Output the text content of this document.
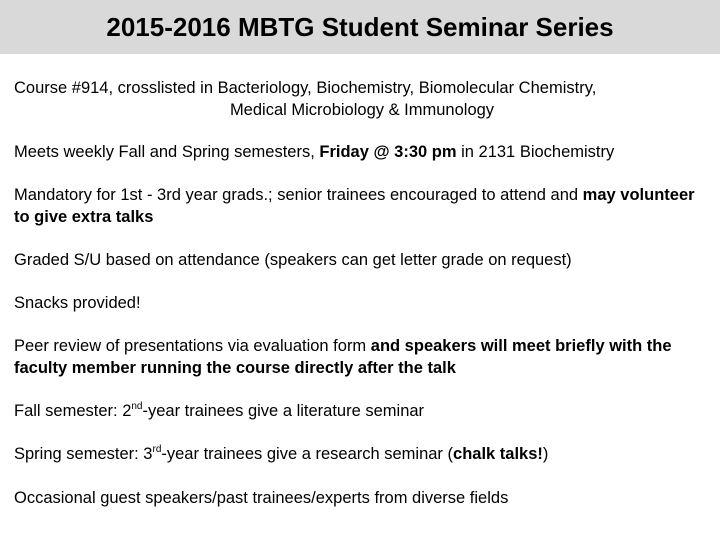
2015-2016 MBTG Student Seminar Series

Course #914, crosslisted in Bacteriology, Biochemistry, Biomolecular Chemistry,
Medical Microbiology & Immunology

Meets weekly Fall and Spring semesters, Friday @ 3:30 pm in 2131 Biochemistry

Mandatory for 1st - 3rd year grads.; senior trainees encouraged to attend and may volunteer to give extra talks

Graded S/U based on attendance (speakers can get letter grade on request)

Snacks provided!

Peer review of presentations via evaluation form and speakers will meet briefly with the faculty member running the course directly after the talk

Fall semester: 2nd-year trainees give a literature seminar

Spring semester: 3rd-year trainees give a research seminar (chalk talks!)

Occasional guest speakers/past trainees/experts from diverse fields
